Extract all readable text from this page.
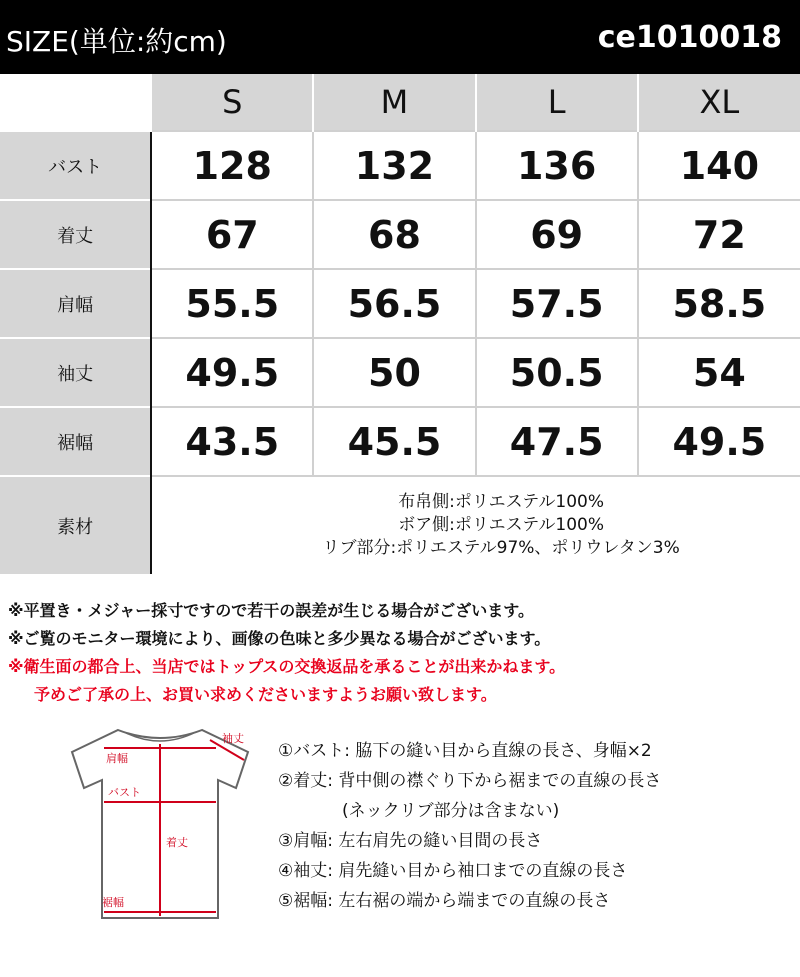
SIZE(単位:約cm)	ce1010018
	S	M	L	XL
バスト	128	132	136	140
着丈	67	68	69	72
肩幅	55.5	56.5	57.5	58.5
袖丈	49.5	50	50.5	54
裾幅	43.5	45.5	47.5	49.5
素材	布帛側:ポリエステル100%
ボア側:ポリエステル100%
リブ部分:ポリエステル97%、ポリウレタン3%			
※平置き・メジャー採寸ですので若干の誤差が生じる場合がございます。
※ご覧のモニター環境により、画像の色味と多少異なる場合がございます。
※衛生面の都合上、当店ではトップスの交換返品を承ることが出来かねます。
予めご了承の上、お買い求めくださいますようお願い致します。
肩幅
袖丈
バスト
着丈
裾幅
①バスト: 脇下の縫い目から直線の長さ、身幅×2
②着丈: 背中側の襟ぐり下から裾までの直線の長さ
(ネックリブ部分は含まない)
③肩幅: 左右肩先の縫い目間の長さ
④袖丈: 肩先縫い目から袖口までの直線の長さ
⑤裾幅: 左右裾の端から端までの直線の長さ
